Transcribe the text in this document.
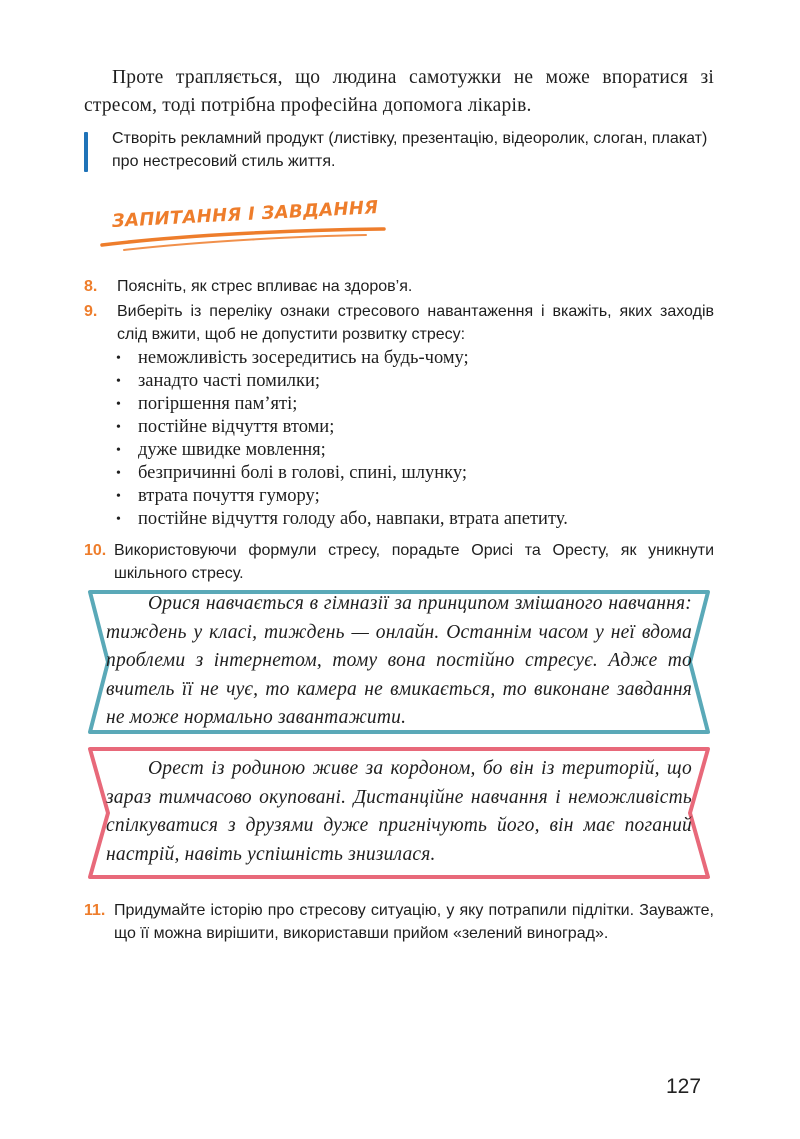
Проте трапляється, що людина самотужки не може впоратися зі стресом, тоді потрібна професійна допомога лікарів.

Створіть рекламний продукт (листівку, презентацію, відеоролик, слоган, плакат) про нестресовий стиль життя.
ЗАПИТАННЯ І ЗАВДАННЯ
8.	Поясніть, як стрес впливає на здоров’я.
9.	Виберіть із переліку ознаки стресового навантаження і вкажіть, яких заходів слід вжити, щоб не допустити розвитку стресу:
• неможливість зосередитись на будь-чому;
• занадто часті помилки;
• погіршення пам’яті;
• постійне відчуття втоми;
• дуже швидке мовлення;
• безпричинні болі в голові, спині, шлунку;
• втрата почуття гумору;
• постійне відчуття голоду або, навпаки, втрата апетиту.
10. Використовуючи формули стресу, порадьте Орисі та Оресту, як уникнути шкільного стресу.
Орися навчається в гімназії за принципом змішаного навчання: тиждень у класі, тиждень — онлайн. Останнім часом у неї вдома проблеми з інтернетом, тому вона постійно стресує. Адже то вчитель її не чує, то камера не вмикається, то виконане завдання не може нормально завантажити.
Орест із родиною живе за кордоном, бо він із територій, що зараз тимчасово окуповані. Дистанційне навчання і неможливість спілкуватися з друзями дуже пригнічують його, він має поганий настрій, навіть успішність знизилася.
11. Придумайте історію про стресову ситуацію, у яку потрапили підлітки. Зауважте, що її можна вирішити, використавши прийом «зелений виноград».
127
